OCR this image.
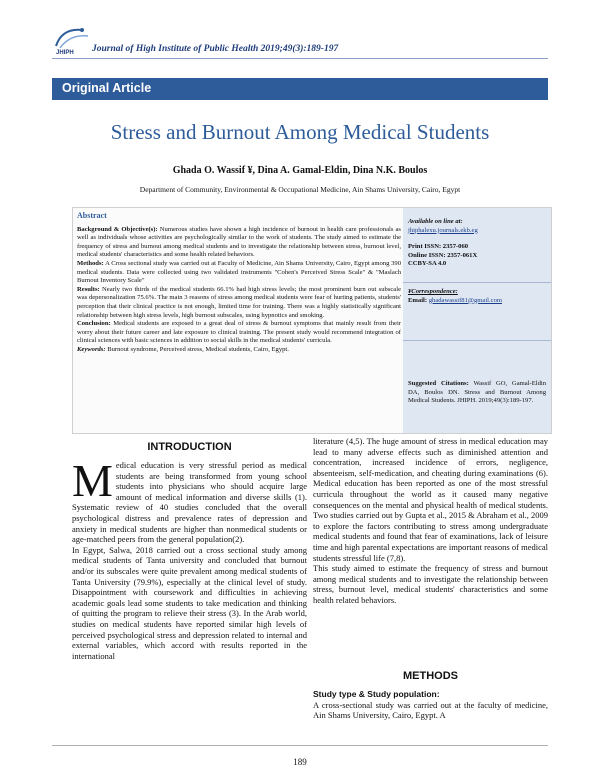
JHIPH Journal of High Institute of Public Health 2019;49(3):189-197
Original Article
Stress and Burnout Among Medical Students
Ghada O. Wassif ¥, Dina A. Gamal-Eldin, Dina N.K. Boulos
Department of Community, Environmental & Occupational Medicine, Ain Shams University, Cairo, Egypt
Abstract
Background & Objective(s): Numerous studies have shown a high incidence of burnout in health care professionals as well as individuals whose activities are psychologically similar to the work of students. The study aimed to estimate the frequency of stress and burnout among medical students and to investigate the relationship between stress, burnout level, medical students' characteristics and some health related behaviors.
Methods: A Cross sectional study was carried out at Faculty of Medicine, Ain Shams University, Cairo, Egypt among 390 medical students. Data were collected using two validated instruments "Cohen's Perceived Stress Scale" & "Maslach Burnout Inventory Scale"
Results: Nearly two thirds of the medical students 66.1% had high stress levels; the most prominent burn out subscale was depersonalization 75.6%. The main 3 reasons of stress among medical students were fear of hurting patients, students' perception that their clinical practice is not enough, limited time for training. There was a highly statistically significant relationship between high stress levels, high burnout subscales, using hypnotics and smoking.
Conclusion: Medical students are exposed to a great deal of stress & burnout symptoms that mainly result from their worry about their future career and late exposure to clinical training. The present study would recommend integration of clinical sciences with basic sciences in addition to social skills in the medical students' curricula.
Keywords: Burnout syndrome, Perceived stress, Medical students, Cairo, Egypt.
Available on line at:
jhiphalexu.journals.ekb.eg
Print ISSN: 2357-060
Online ISSN: 2357-061X
CCBY-SA 4.0
¥Correspondence:
Email: ghadawassif81@gmail.com
Suggested Citations: Wassif GO, Gamal-Eldin DA, Boulos DN. Stress and Burnout Among Medical Students. JHIPH. 2019;49(3):189-197.
INTRODUCTION

Medical education is very stressful period as medical students are being transformed from young school students into physicians who should acquire large amount of medical information and diverse skills (1). Systematic review of 40 studies concluded that the overall psychological distress and prevalence rates of depression and anxiety in medical students are higher than nonmedical students or age-matched peers from the general population(2).

In Egypt, Salwa, 2018 carried out a cross sectional study among medical students of Tanta university and concluded that burnout and/or its subscales were quite prevalent among medical students of Tanta University (79.9%), especially at the clinical level of study. Disappointment with coursework and difficulties in achieving academic goals lead some students to take medication and thinking of quitting the program to relieve their stress (3). In the Arab world, studies on medical students have reported similar high levels of perceived psychological stress and depression related to internal and external variables, which accord with results reported in the international

literature (4,5). The huge amount of stress in medical education may lead to many adverse effects such as diminished attention and concentration, increased incidence of errors, negligence, absenteeism, self-medication, and cheating during examinations (6). Medical education has been reported as one of the most stressful curricula throughout the world as it caused many negative consequences on the mental and physical health of medical students. Two studies carried out by Gupta et al., 2015 & Abraham et al., 2009 to explore the factors contributing to stress among undergraduate medical students and found that fear of examinations, lack of leisure time and high parental expectations are important reasons of medical students stressful life (7,8).

This study aimed to estimate the frequency of stress and burnout among medical students and to investigate the relationship between stress, burnout level, medical students' characteristics and some health related behaviors.

METHODS

Study type & Study population:

A cross-sectional study was carried out at the faculty of medicine, Ain Shams University, Cairo, Egypt. A

189
